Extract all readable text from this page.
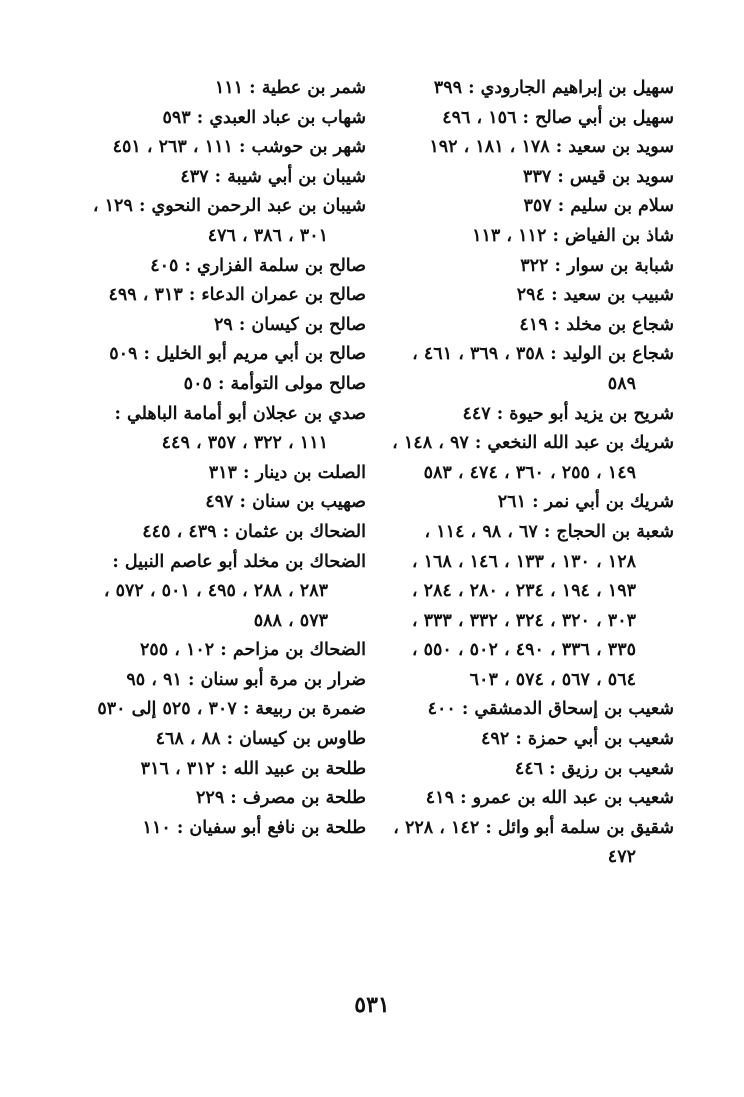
سهيل بن إبراهيم الجارودي : ٣٩٩
سهيل بن أبي صالح : ١٥٦ ، ٤٩٦
سويد بن سعيد : ١٧٨ ، ١٨١ ، ١٩٢
سويد بن قيس : ٣٣٧
سلام بن سليم : ٣٥٧
شاذ بن الفياض : ١١٢ ، ١١٣
شبابة بن سوار : ٣٢٢
شبيب بن سعيد : ٢٩٤
شجاع بن مخلد : ٤١٩
شجاع بن الوليد : ٣٥٨ ، ٣٦٩ ، ٤٦١ ،
٥٨٩
شريح بن يزيد أبو حيوة : ٤٤٧
شريك بن عبد الله النخعي : ٩٧ ، ١٤٨ ،
١٤٩ ، ٢٥٥ ، ٣٦٠ ، ٤٧٤ ، ٥٨٣
شريك بن أبي نمر : ٢٦١
شعبة بن الحجاج : ٦٧ ، ٩٨ ، ١١٤ ،
١٢٨ ، ١٣٠ ، ١٣٣ ، ١٤٦ ، ١٦٨ ،
١٩٣ ، ١٩٤ ، ٢٣٤ ، ٢٨٠ ، ٢٨٤ ،
٣٠٣ ، ٣٢٠ ، ٣٢٤ ، ٣٣٢ ، ٣٣٣ ،
٣٣٥ ، ٣٣٦ ، ٤٩٠ ، ٥٠٢ ، ٥٥٠ ،
٥٦٤ ، ٥٦٧ ، ٥٧٤ ، ٦٠٣
شعيب بن إسحاق الدمشقي : ٤٠٠
شعيب بن أبي حمزة : ٤٩٢
شعيب بن رزيق : ٤٤٦
شعيب بن عبد الله بن عمرو : ٤١٩
شقيق بن سلمة أبو وائل : ١٤٢ ، ٢٢٨ ،
٤٧٢
شمر بن عطية : ١١١
شهاب بن عباد العبدي : ٥٩٣
شهر بن حوشب : ١١١ ، ٢٦٣ ، ٤٥١
شيبان بن أبي شيبة : ٤٣٧
شيبان بن عبد الرحمن النحوي : ١٢٩ ،
٣٠١ ، ٣٨٦ ، ٤٧٦
صالح بن سلمة الفزاري : ٤٠٥
صالح بن عمران الدعاء : ٣١٣ ، ٤٩٩
صالح بن كيسان : ٢٩
صالح بن أبي مريم أبو الخليل : ٥٠٩
صالح مولى التوأمة : ٥٠٥
صدي بن عجلان أبو أمامة الباهلي :
١١١ ، ٣٢٢ ، ٣٥٧ ، ٤٤٩
الصلت بن دينار : ٣١٣
صهيب بن سنان : ٤٩٧
الضحاك بن عثمان : ٤٣٩ ، ٤٤٥
الضحاك بن مخلد أبو عاصم النبيل :
٢٨٣ ، ٢٨٨ ، ٤٩٥ ، ٥٠١ ، ٥٧٢ ،
٥٧٣ ، ٥٨٨
الضحاك بن مزاحم : ١٠٢ ، ٢٥٥
ضرار بن مرة أبو سنان : ٩١ ، ٩٥
ضمرة بن ربيعة : ٣٠٧ ، ٥٢٥ إلى ٥٣٠
طاوس بن كيسان : ٨٨ ، ٤٦٨
طلحة بن عبيد الله : ٣١٢ ، ٣١٦
طلحة بن مصرف : ٢٢٩
طلحة بن نافع أبو سفيان : ١١٠
٥٣١
